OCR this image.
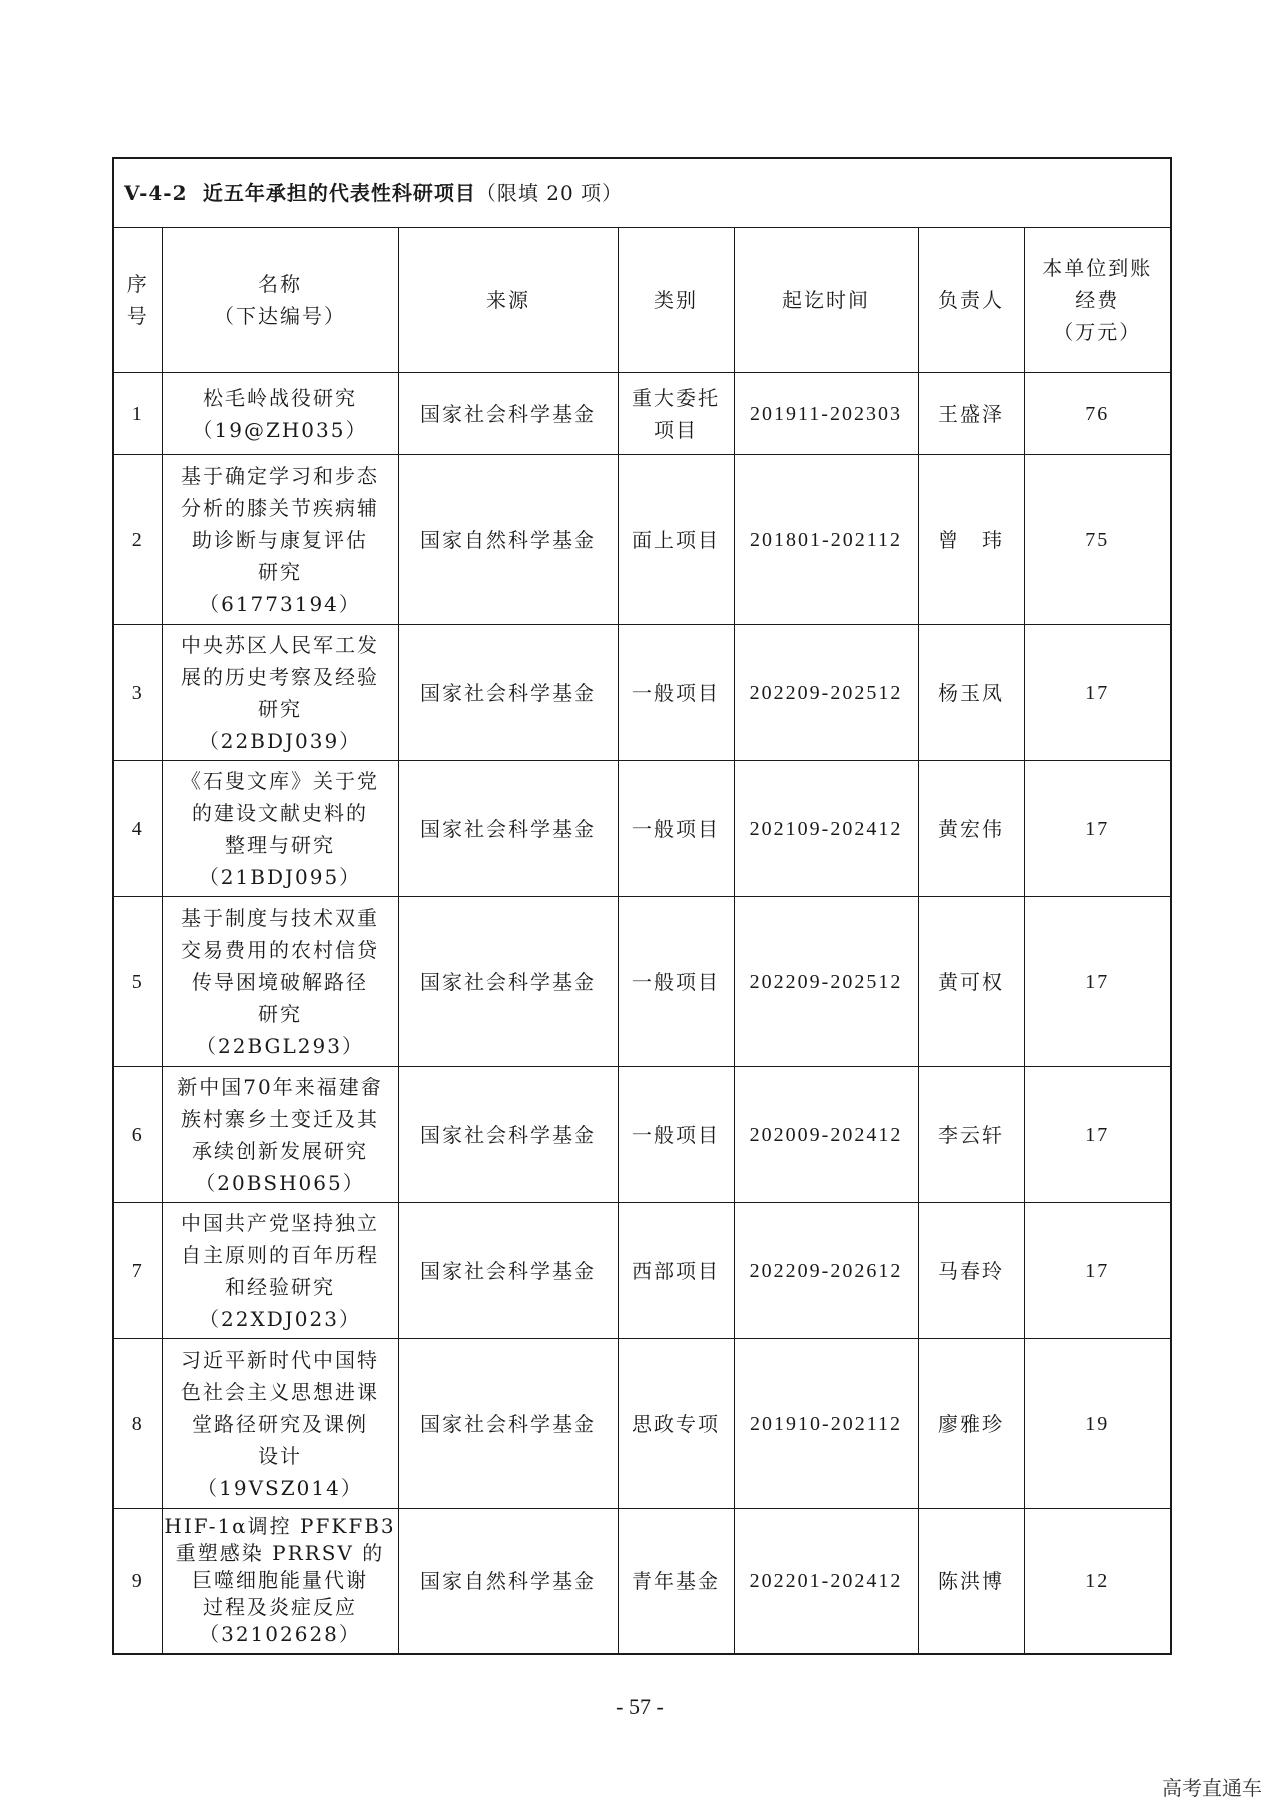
V-4-2 近五年承担的代表性科研项目（限填 20 项）						

序
号	名称
（下达编号）	来源	类别	起讫时间	负责人	本单位到账
经费
（万元）

1	松毛岭战役研究
（19@ZH035）	国家社会科学基金	重大委托
项目	201911-202303	王盛泽	76
2	基于确定学习和步态
分析的膝关节疾病辅
助诊断与康复评估
研究
（61773194）	国家自然科学基金	面上项目	201801-202112	曾　玮	75
3	中央苏区人民军工发
展的历史考察及经验
研究
（22BDJ039）	国家社会科学基金	一般项目	202209-202512	杨玉凤	17
4	《石叟文库》关于党
的建设文献史料的
整理与研究
（21BDJ095）	国家社会科学基金	一般项目	202109-202412	黄宏伟	17
5	基于制度与技术双重
交易费用的农村信贷
传导困境破解路径
研究
（22BGL293）	国家社会科学基金	一般项目	202209-202512	黄可权	17
6	新中国70年来福建畲
族村寨乡土变迁及其
承续创新发展研究
（20BSH065）	国家社会科学基金	一般项目	202009-202412	李云轩	17
7	中国共产党坚持独立
自主原则的百年历程
和经验研究
（22XDJ023）	国家社会科学基金	西部项目	202209-202612	马春玲	17
8	习近平新时代中国特
色社会主义思想进课
堂路径研究及课例
设计
（19VSZ014）	国家社会科学基金	思政专项	201910-202112	廖雅珍	19
9	HIF-1α调控 PFKFB3
重塑感染 PRRSV 的
巨噬细胞能量代谢
过程及炎症反应
（32102628）	国家自然科学基金	青年基金	202201-202412	陈洪博	12
- 57 -
高考直通车
